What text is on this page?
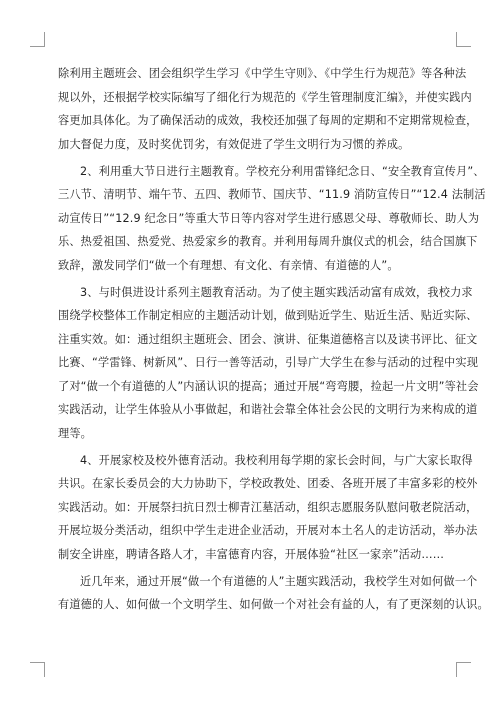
除利用主题班会、团会组织学生学习《中学生守则》、《中学生行为规范》等各种法
规以外，还根据学校实际编写了细化行为规范的《学生管理制度汇编》，并使实践内
容更加具体化。为了确保活动的成效，我校还加强了每周的定期和不定期常规检查，
加大督促力度，及时奖优罚劣，有效促进了学生文明行为习惯的养成。
2、利用重大节日进行主题教育。学校充分利用雷锋纪念日、“安全教育宣传月”、
三八节、清明节、端午节、五四、教师节、国庆节、“11.9 消防宣传日”“12.4 法制活
动宣传日”“12.9 纪念日”等重大节日等内容对学生进行感恩父母、尊敬师长、助人为
乐、热爱祖国、热爱党、热爱家乡的教育。并利用每周升旗仪式的机会，结合国旗下
致辞，激发同学们“做一个有理想、有文化、有亲情、有道德的人”。
3、与时俱进设计系列主题教育活动。为了使主题实践活动富有成效，我校力求
围绕学校整体工作制定相应的主题活动计划，做到贴近学生、贴近生活、贴近实际、
注重实效。如：通过组织主题班会、团会、演讲、征集道德格言以及读书评比、征文
比赛、“学雷锋、树新风”、日行一善等活动，引导广大学生在参与活动的过程中实现
了对“做一个有道德的人”内涵认识的提高；通过开展“弯弯腰，捡起一片文明”等社会
实践活动，让学生体验从小事做起，和谐社会靠全体社会公民的文明行为来构成的道
理等。
4、开展家校及校外德育活动。我校利用每学期的家长会时间，与广大家长取得
共识。在家长委员会的大力协助下，学校政教处、团委、各班开展了丰富多彩的校外
实践活动。如：开展祭扫抗日烈士柳青江墓活动，组织志愿服务队慰问敬老院活动，
开展垃圾分类活动，组织中学生走进企业活动，开展对本土名人的走访活动，举办法
制安全讲座，聘请各路人才，丰富德育内容，开展体验“社区一家亲”活动……
近几年来，通过开展“做一个有道德的人”主题实践活动，我校学生对如何做一个
有道德的人、如何做一个文明学生、如何做一个对社会有益的人，有了更深刻的认识。
